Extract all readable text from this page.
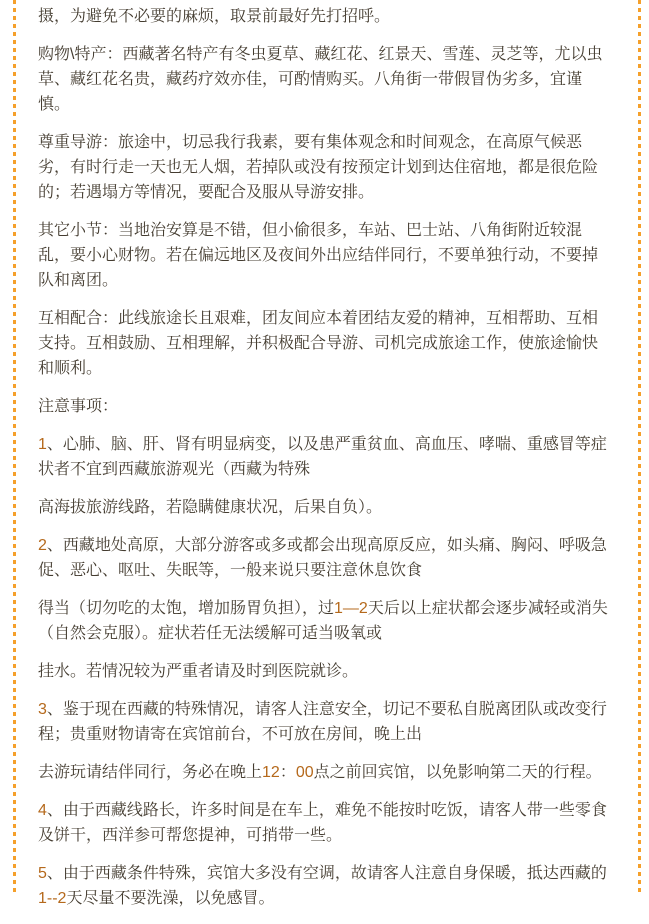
摄，为避免不必要的麻烦，取景前最好先打招呼。

购物\特产：西藏著名特产有冬虫夏草、藏红花、红景天、雪莲、灵芝等，尤以虫草、藏红花名贵，藏药疗效亦佳，可酌情购买。八角街一带假冒伪劣多，宜谨慎。

尊重导游：旅途中，切忌我行我素，要有集体观念和时间观念，在高原气候恶劣，有时行走一天也无人烟，若掉队或没有按预定计划到达住宿地，都是很危险的；若遇塌方等情况，要配合及服从导游安排。

其它小节：当地治安算是不错，但小偷很多，车站、巴士站、八角街附近较混乱，要小心财物。若在偏远地区及夜间外出应结伴同行，不要单独行动，不要掉队和离团。

互相配合：此线旅途长且艰难，团友间应本着团结友爱的精神，互相帮助、互相支持。互相鼓励、互相理解，并积极配合导游、司机完成旅途工作，使旅途愉快和顺利。

注意事项：

1、心肺、脑、肝、肾有明显病变，以及患严重贫血、高血压、哮喘、重感冒等症状者不宜到西藏旅游观光（西藏为特殊

高海拔旅游线路，若隐瞒健康状况，后果自负）。

2、西藏地处高原，大部分游客或多或都会出现高原反应，如头痛、胸闷、呼吸急促、恶心、呕吐、失眠等，一般来说只要注意休息饮食

得当（切勿吃的太饱，增加肠胃负担），过1—2天后以上症状都会逐步减轻或消失（自然会克服）。症状若任无法缓解可适当吸氧或

挂水。若情况较为严重者请及时到医院就诊。

3、鉴于现在西藏的特殊情况，请客人注意安全，切记不要私自脱离团队或改变行程；贵重财物请寄在宾馆前台，不可放在房间，晚上出

去游玩请结伴同行，务必在晚上12：00点之前回宾馆，以免影响第二天的行程。

4、由于西藏线路长，许多时间是在车上，难免不能按时吃饭，请客人带一些零食及饼干，西洋参可帮您提神，可捎带一些。

5、由于西藏条件特殊，宾馆大多没有空调，故请客人注意自身保暖，抵达西藏的1--2天尽量不要洗澡，以免感冒。
